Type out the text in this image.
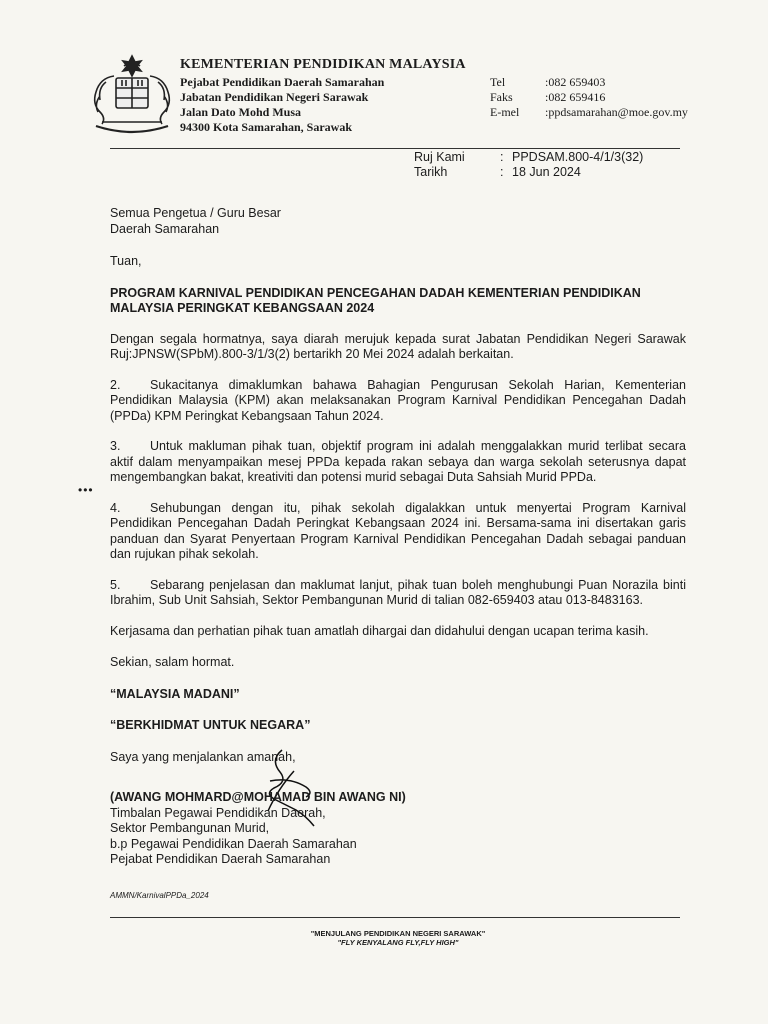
KEMENTERIAN PENDIDIKAN MALAYSIA
Pejabat Pendidikan Daerah Samarahan
Jabatan Pendidikan Negeri Sarawak
Jalan Dato Mohd Musa
94300 Kota Samarahan, Sarawak
Tel	:082 659403
Faks	:082 659416
E-mel	:ppdsamarahan@moe.gov.my
Ruj Kami	: PPDSAM.800-4/1/3(32)
Tarikh	: 18 Jun 2024
•••
Semua Pengetua / Guru Besar
Daerah Samarahan
Tuan,
PROGRAM KARNIVAL PENDIDIKAN PENCEGAHAN DADAH KEMENTERIAN PENDIDIKAN MALAYSIA PERINGKAT KEBANGSAAN 2024
Dengan segala hormatnya, saya diarah merujuk kepada surat Jabatan Pendidikan Negeri Sarawak Ruj:JPNSW(SPbM).800-3/1/3(2) bertarikh 20 Mei 2024 adalah berkaitan.
2. Sukacitanya dimaklumkan bahawa Bahagian Pengurusan Sekolah Harian, Kementerian Pendidikan Malaysia (KPM) akan melaksanakan Program Karnival Pendidikan Pencegahan Dadah (PPDa) KPM Peringkat Kebangsaan Tahun 2024.
3. Untuk makluman pihak tuan, objektif program ini adalah menggalakkan murid terlibat secara aktif dalam menyampaikan mesej PPDa kepada rakan sebaya dan warga sekolah seterusnya dapat mengembangkan bakat, kreativiti dan potensi murid sebagai Duta Sahsiah Murid PPDa.
4. Sehubungan dengan itu, pihak sekolah digalakkan untuk menyertai Program Karnival Pendidikan Pencegahan Dadah Peringkat Kebangsaan 2024 ini. Bersama-sama ini disertakan garis panduan dan Syarat Penyertaan Program Karnival Pendidikan Pencegahan Dadah sebagai panduan dan rujukan pihak sekolah.
5. Sebarang penjelasan dan maklumat lanjut, pihak tuan boleh menghubungi Puan Norazila binti Ibrahim, Sub Unit Sahsiah, Sektor Pembangunan Murid di talian 082-659403 atau 013-8483163.
Kerjasama dan perhatian pihak tuan amatlah dihargai dan didahului dengan ucapan terima kasih.
Sekian, salam hormat.
“MALAYSIA MADANI”
“BERKHIDMAT UNTUK NEGARA”
Saya yang menjalankan amanah,
(AWANG MOHMARD@MOHAMAD BIN AWANG NI)
Timbalan Pegawai Pendidikan Daerah,
Sektor Pembangunan Murid,
b.p Pegawai Pendidikan Daerah Samarahan
Pejabat Pendidikan Daerah Samarahan
AMMN/KarnivalPPDa_2024
"MENJULANG PENDIDIKAN NEGERI SARAWAK"
"FLY KENYALANG FLY,FLY HIGH"
